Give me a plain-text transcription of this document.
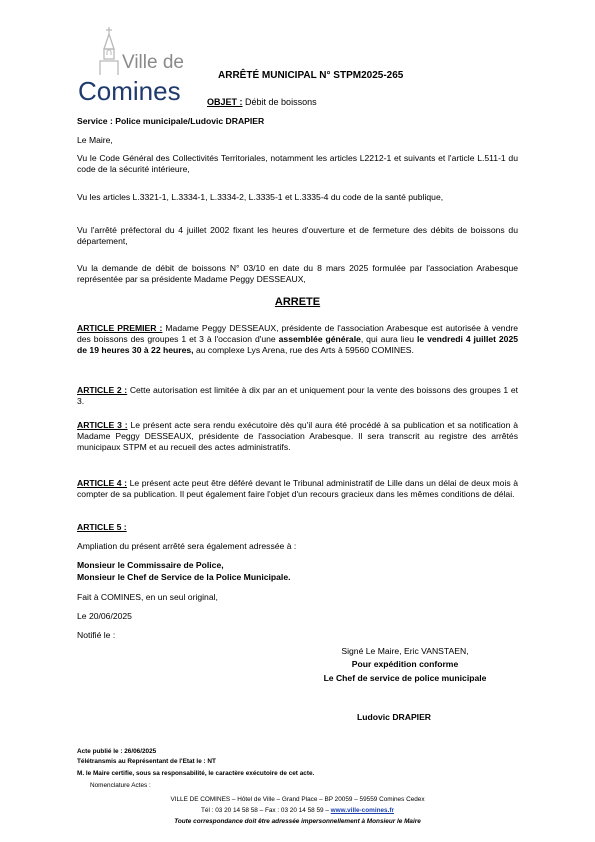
Ville de
Comines
ARRÊTÉ MUNICIPAL N° STPM2025-265
OBJET : Débit de boissons
Service : Police municipale/Ludovic DRAPIER
Le Maire,
Vu le Code Général des Collectivités Territoriales, notamment les articles L2212-1 et suivants et l'article L.511-1 du code de la sécurité intérieure,
Vu les articles L.3321-1, L.3334-1, L.3334-2, L.3335-1 et L.3335-4 du code de la santé publique,
Vu l'arrêté préfectoral du 4 juillet 2002 fixant les heures d'ouverture et de fermeture des débits de boissons du département,
Vu la demande de débit de boissons N° 03/10 en date du 8 mars 2025 formulée par l'association Arabesque représentée par sa présidente Madame Peggy DESSEAUX,
ARRETE
ARTICLE PREMIER : Madame Peggy DESSEAUX, présidente de l'association Arabesque est autorisée à vendre des boissons des groupes 1 et 3 à l'occasion d'une assemblée générale, qui aura lieu le vendredi 4 juillet 2025 de 19 heures 30 à 22 heures, au complexe Lys Arena, rue des Arts à 59560 COMINES.
ARTICLE 2 : Cette autorisation est limitée à dix par an et uniquement pour la vente des boissons des groupes 1 et 3.
ARTICLE 3 : Le présent acte sera rendu exécutoire dès qu'il aura été procédé à sa publication et sa notification à Madame Peggy DESSEAUX, présidente de l'association Arabesque. Il sera transcrit au registre des arrêtés municipaux STPM et au recueil des actes administratifs.
ARTICLE 4 : Le présent acte peut être déféré devant le Tribunal administratif de Lille dans un délai de deux mois à compter de sa publication. Il peut également faire l'objet d'un recours gracieux dans les mêmes conditions de délai.
ARTICLE 5 :
Ampliation du présent arrêté sera également adressée à :
Monsieur le Commissaire de Police,
Monsieur le Chef de Service de la Police Municipale.
Fait à COMINES, en un seul original,
Le 20/06/2025
Notifié le :
Signé Le Maire, Eric VANSTAEN,
Pour expédition conforme
Le Chef de service de police municipale
Ludovic DRAPIER
Acte publié le : 26/06/2025
Télétransmis au Représentant de l'Etat le : NT
M. le Maire certifie, sous sa responsabilité, le caractère exécutoire de cet acte.
Nomenclature Actes :
VILLE DE COMINES – Hôtel de Ville – Grand Place – BP 20059 – 59559 Comines Cedex
Tél : 03 20 14 58 58 – Fax : 03 20 14 58 59 – www.ville-comines.fr
Toute correspondance doit être adressée impersonnellement à Monsieur le Maire
